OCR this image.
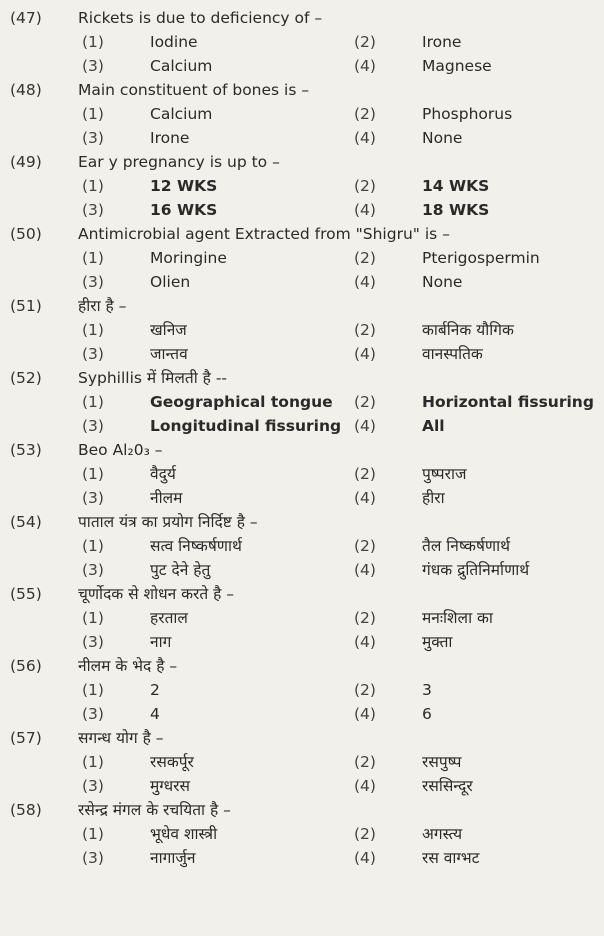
(47) Rickets is due to deficiency of –
(1)	Iodine	(2)	Irone
(3)	Calcium	(4)	Magnese
(48) Main constituent of bones is –
(1)	Calcium	(2)	Phosphorus
(3)	Irone	(4)	None
(49) Ear y pregnancy is up to –
(1)	12 WKS	(2)	14 WKS
(3)	16 WKS	(4)	18 WKS
(50) Antimicrobial agent Extracted from "Shigru" is –
(1)	Moringine	(2)	Pterigospermin
(3)	Olien	(4)	None
(51) हीरा है –
(1)	खनिज	(2)	कार्बनिक यौगिक
(3)	जान्तव	(4)	वानस्पतिक
(52) Syphillis में मिलती है --
(1)	Geographical tongue (2)	Horizontal fissuring
(3)	Longitudinal fissuring (4)	All
(53) Beo Al₂0₃ –
(1)	वैदुर्य	(2)	पुष्पराज
(3)	नीलम	(4)	हीरा
(54) पाताल यंत्र का प्रयोग निर्दिष्ट है –
(1)	सत्व निष्कर्षणार्थ	(2)	तैल निष्कर्षणार्थ
(3)	पुट देने हेतु	(4)	गंधक द्रुतिनिर्माणार्थ
(55) चूर्णोदक से शोधन करते है –
(1)	हरताल	(2)	मनःशिला का
(3)	नाग	(4)	मुक्ता
(56) नीलम के भेद है –
(1)	2	(2)	3
(3)	4	(4)	6
(57) सगन्ध योग है –
(1)	रसकर्पूर	(2)	रसपुष्प
(3)	मुग्धरस	(4)	रससिन्दूर
(58) रसेन्द्र मंगल के रचयिता है –
(1)	भूधेव शास्त्री	(2)	अगस्त्य
(3)	नागार्जुन	(4)	रस वाग्भट
